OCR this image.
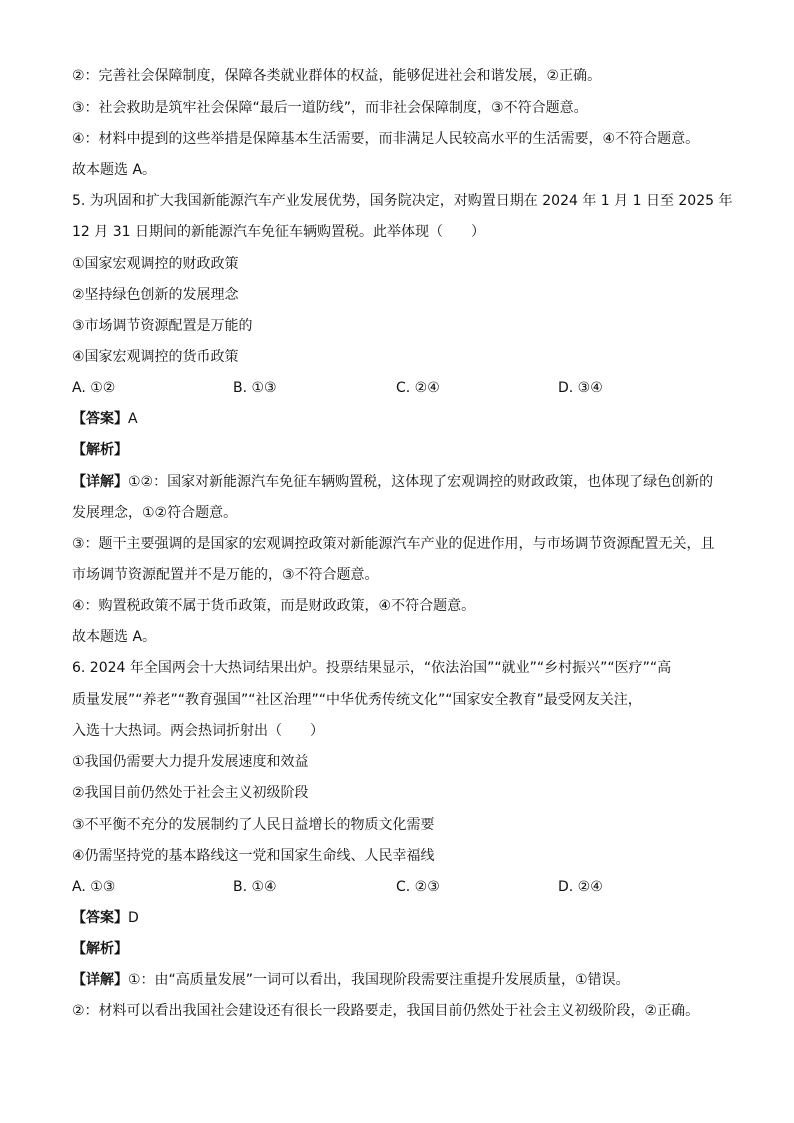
②：完善社会保障制度，保障各类就业群体的权益，能够促进社会和谐发展，②正确。
③：社会救助是筑牢社会保障“最后一道防线”，而非社会保障制度，③不符合题意。
④：材料中提到的这些举措是保障基本生活需要，而非满足人民较高水平的生活需要，④不符合题意。
故本题选 A。
5. 为巩固和扩大我国新能源汽车产业发展优势，国务院决定，对购置日期在 2024 年 1 月 1 日至 2025 年
12 月 31 日期间的新能源汽车免征车辆购置税。此举体现（　　）
①国家宏观调控的财政政策
②坚持绿色创新的发展理念
③市场调节资源配置是万能的
④国家宏观调控的货币政策
A. ①②	B. ①③	C. ②④	D. ③④
【答案】A
【解析】
【详解】①②：国家对新能源汽车免征车辆购置税，这体现了宏观调控的财政政策，也体现了绿色创新的
发展理念，①②符合题意。
③：题干主要强调的是国家的宏观调控政策对新能源汽车产业的促进作用，与市场调节资源配置无关，且
市场调节资源配置并不是万能的，③不符合题意。
④：购置税政策不属于货币政策，而是财政政策，④不符合题意。
故本题选 A。
6. 2024 年全国两会十大热词结果出炉。投票结果显示，“依法治国”“就业”“乡村振兴”“医疗”“高
质量发展”“养老”“教育强国”“社区治理”“中华优秀传统文化”“国家安全教育”最受网友关注，
入选十大热词。两会热词折射出（　　）
①我国仍需要大力提升发展速度和效益
②我国目前仍然处于社会主义初级阶段
③不平衡不充分的发展制约了人民日益增长的物质文化需要
④仍需坚持党的基本路线这一党和国家生命线、人民幸福线
A. ①③	B. ①④	C. ②③	D. ②④
【答案】D
【解析】
【详解】①：由“高质量发展”一词可以看出，我国现阶段需要注重提升发展质量，①错误。
②：材料可以看出我国社会建设还有很长一段路要走，我国目前仍然处于社会主义初级阶段，②正确。
